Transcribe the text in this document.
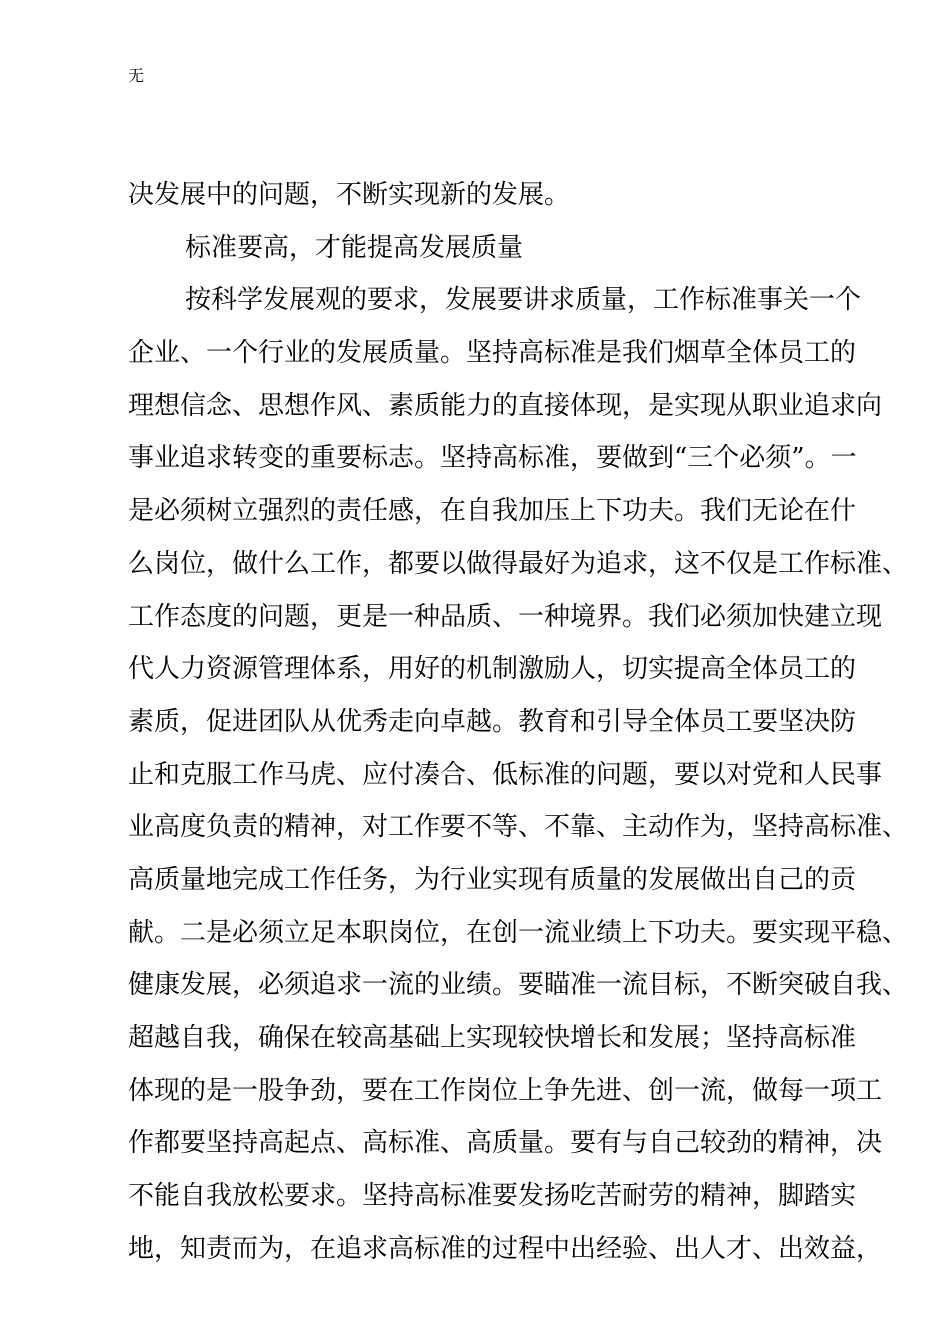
无
决发展中的问题，不断实现新的发展。
标准要高，才能提高发展质量
按科学发展观的要求，发展要讲求质量，工作标准事关一个
企业、一个行业的发展质量。坚持高标准是我们烟草全体员工的
理想信念、思想作风、素质能力的直接体现，是实现从职业追求向
事业追求转变的重要标志。坚持高标准，要做到“三个必须”。一
是必须树立强烈的责任感，在自我加压上下功夫。我们无论在什
么岗位，做什么工作，都要以做得最好为追求，这不仅是工作标准、
工作态度的问题，更是一种品质、一种境界。我们必须加快建立现
代人力资源管理体系，用好的机制激励人，切实提高全体员工的
素质，促进团队从优秀走向卓越。教育和引导全体员工要坚决防
止和克服工作马虎、应付凑合、低标准的问题，要以对党和人民事
业高度负责的精神，对工作要不等、不靠、主动作为，坚持高标准、
高质量地完成工作任务，为行业实现有质量的发展做出自己的贡
献。二是必须立足本职岗位，在创一流业绩上下功夫。要实现平稳、
健康发展，必须追求一流的业绩。要瞄准一流目标，不断突破自我、
超越自我，确保在较高基础上实现较快增长和发展；坚持高标准
体现的是一股争劲，要在工作岗位上争先进、创一流，做每一项工
作都要坚持高起点、高标准、高质量。要有与自己较劲的精神，决
不能自我放松要求。坚持高标准要发扬吃苦耐劳的精神，脚踏实
地，知责而为，在追求高标准的过程中出经验、出人才、出效益，
